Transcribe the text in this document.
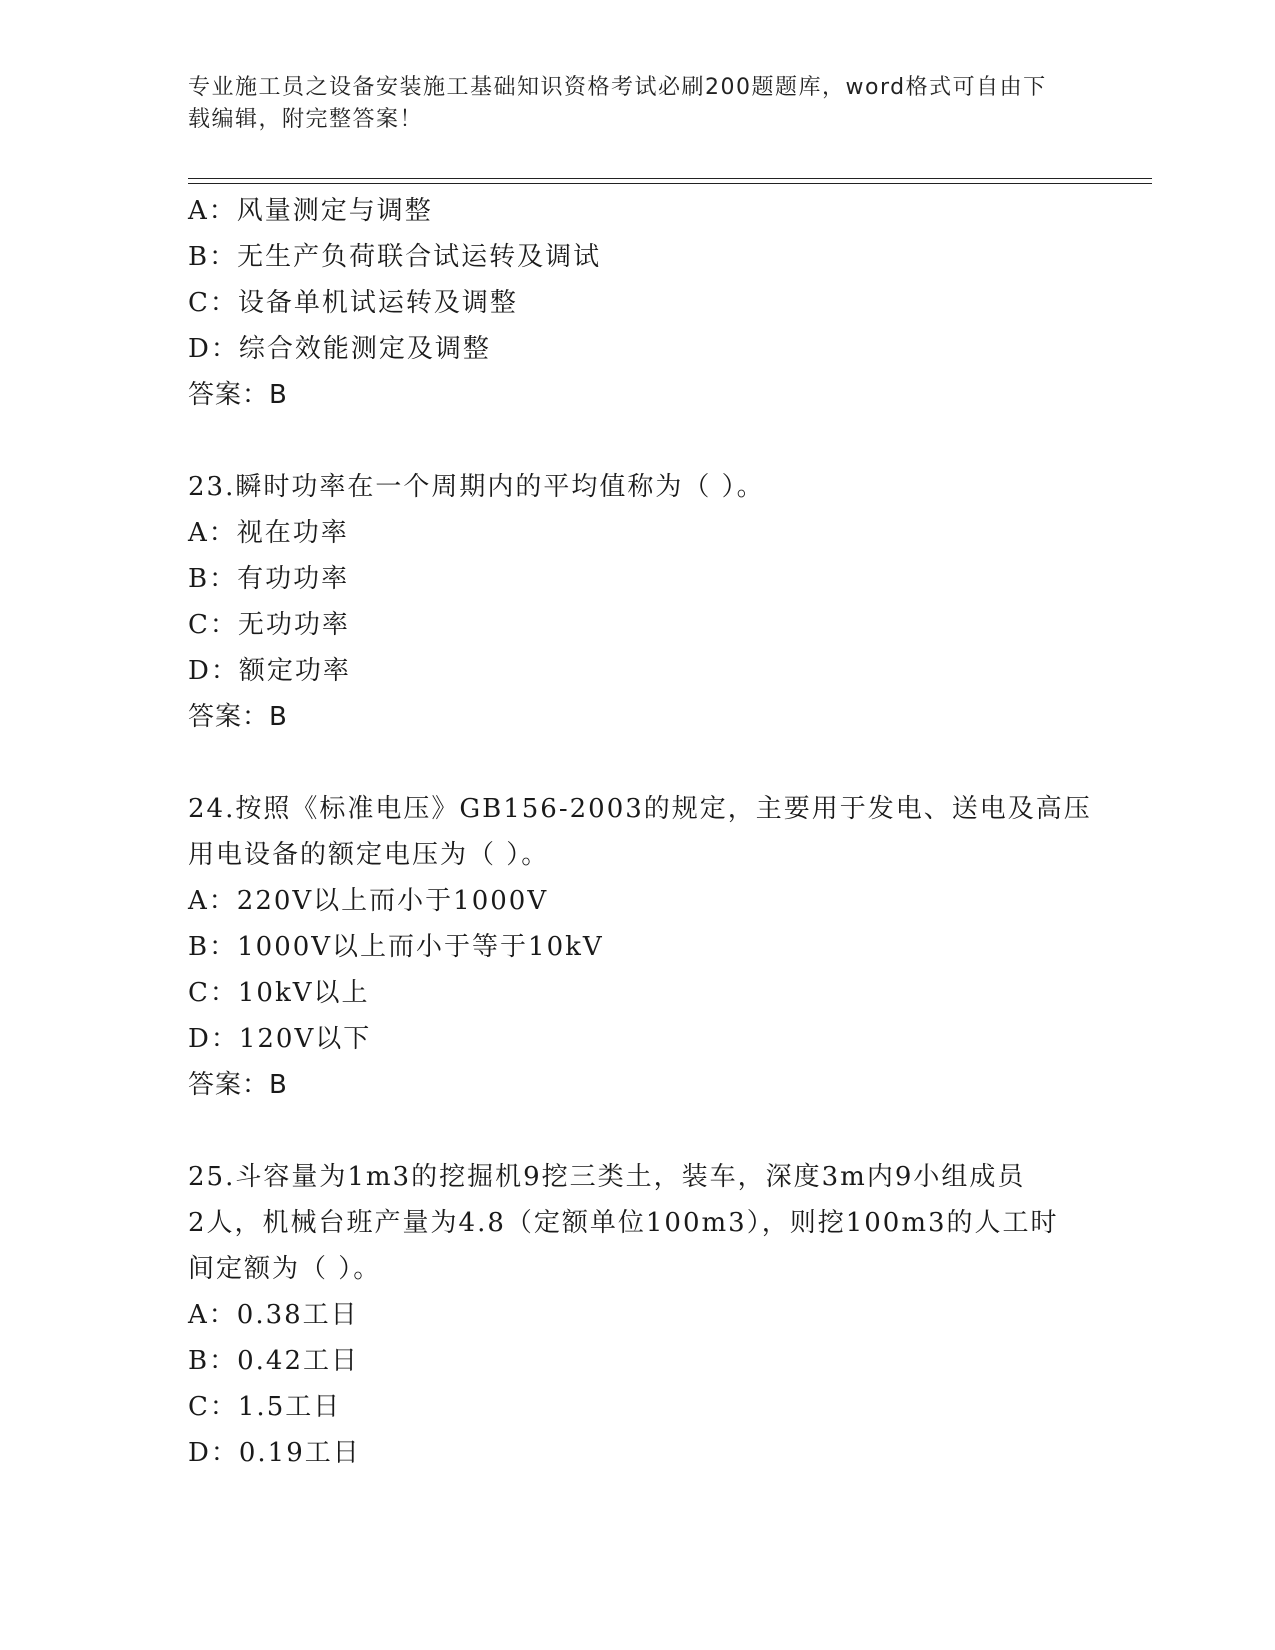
专业施工员之设备安装施工基础知识资格考试必刷200题题库，word格式可自由下载编辑，附完整答案！
A：风量测定与调整
B：无生产负荷联合试运转及调试
C：设备单机试运转及调整
D：综合效能测定及调整
答案：B
23.瞬时功率在一个周期内的平均值称为（ ）。
A：视在功率
B：有功功率
C：无功功率
D：额定功率
答案：B
24.按照《标准电压》GB156-2003的规定，主要用于发电、送电及高压
用电设备的额定电压为（ ）。
A：220V以上而小于1000V
B：1000V以上而小于等于10kV
C：10kV以上
D：120V以下
答案：B
25.斗容量为1m3的挖掘机9挖三类土，装车，深度3m内9小组成员
2人，机械台班产量为4.8（定额单位100m3），则挖100m3的人工时
间定额为（ ）。
A：0.38工日
B：0.42工日
C：1.5工日
D：0.19工日
